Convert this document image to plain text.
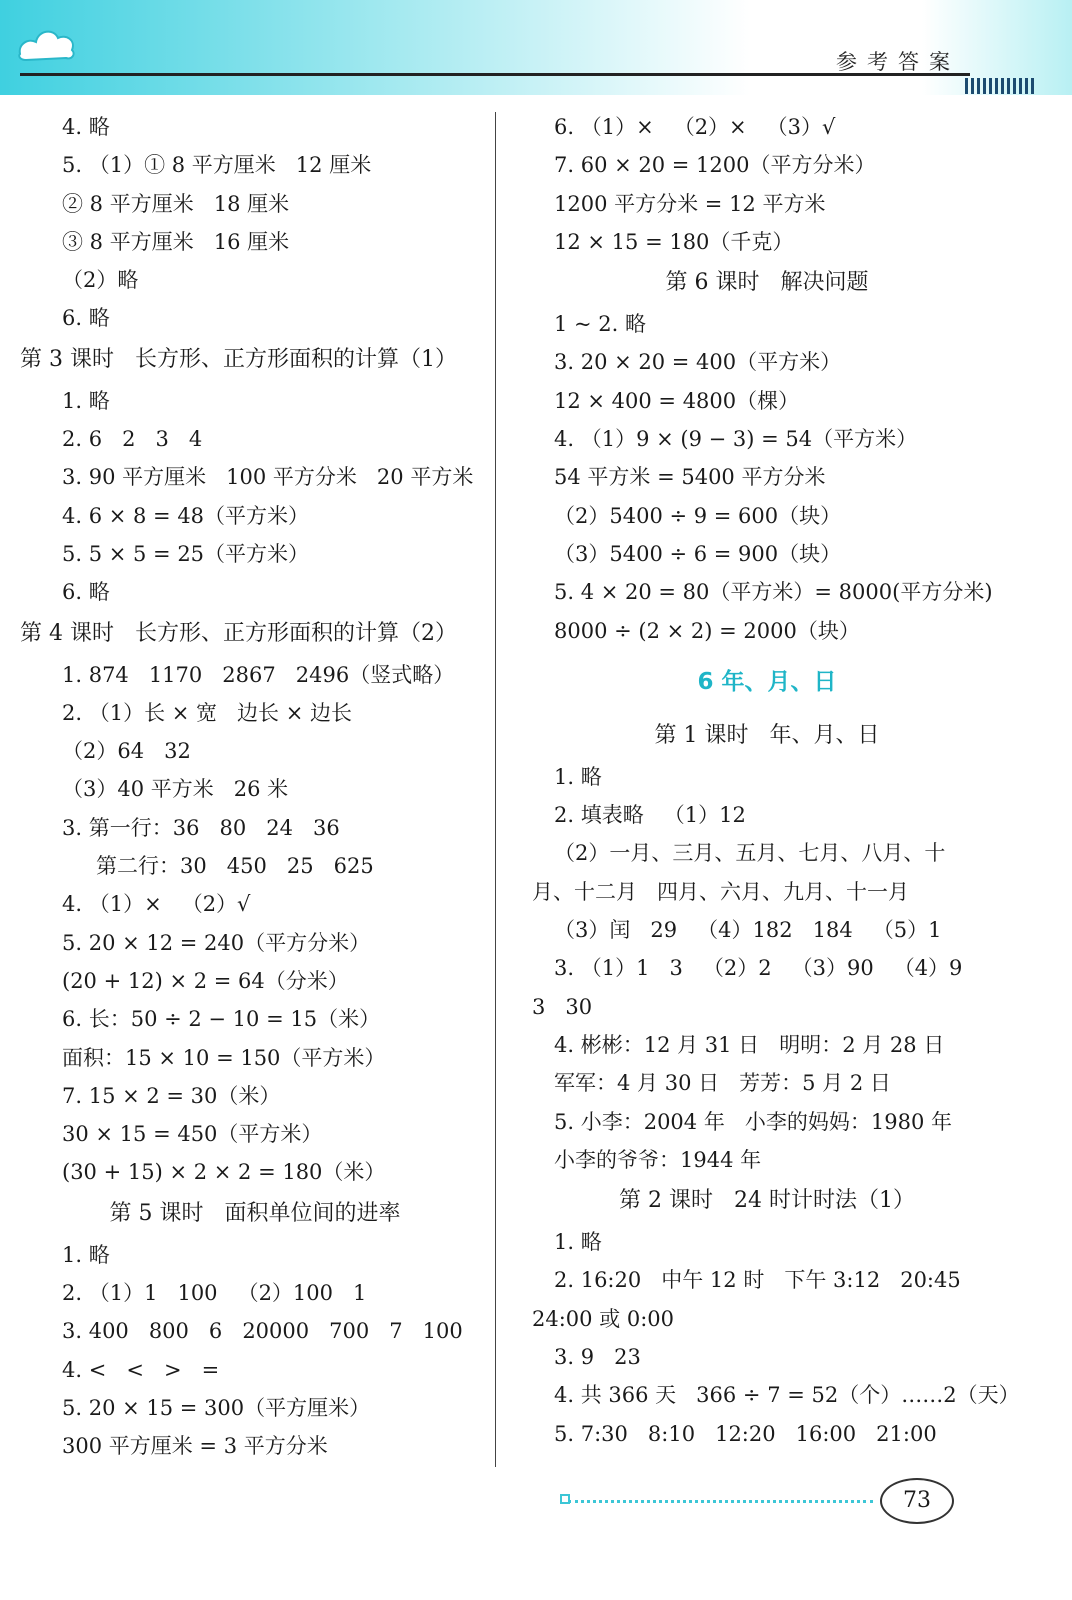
参考答案
4. 略
5. （1）① 8 平方厘米   12 厘米
② 8 平方厘米   18 厘米
③ 8 平方厘米   16 厘米
（2）略
6. 略
第 3 课时   长方形、正方形面积的计算（1）
1. 略
2. 6   2   3   4
3. 90 平方厘米   100 平方分米   20 平方米
4. 6 × 8 = 48（平方米）
5. 5 × 5 = 25（平方米）
6. 略
第 4 课时   长方形、正方形面积的计算（2）
1. 874   1170   2867   2496（竖式略）
2. （1）长 × 宽   边长 × 边长
（2）64   32
（3）40 平方米   26 米
3. 第一行：36   80   24   36
第二行：30   450   25   625
4. （1）×   （2）√
5. 20 × 12 = 240（平方分米）
(20 + 12) × 2 = 64（分米）
6. 长：50 ÷ 2 − 10 = 15（米）
面积：15 × 10 = 150（平方米）
7. 15 × 2 = 30（米）
30 × 15 = 450（平方米）
(30 + 15) × 2 × 2 = 180（米）
第 5 课时   面积单位间的进率
1. 略
2. （1）1   100   （2）100   1
3. 400   800   6   20000   700   7   100
4. <   <   >   =
5. 20 × 15 = 300（平方厘米）
300 平方厘米 = 3 平方分米
6. （1）×   （2）×   （3）√
7. 60 × 20 = 1200（平方分米）
1200 平方分米 = 12 平方米
12 × 15 = 180（千克）
第 6 课时   解决问题
1 ~ 2. 略
3. 20 × 20 = 400（平方米）
12 × 400 = 4800（棵）
4. （1）9 × (9 − 3) = 54（平方米）
54 平方米 = 5400 平方分米
（2）5400 ÷ 9 = 600（块）
（3）5400 ÷ 6 = 900（块）
5. 4 × 20 = 80（平方米）= 8000(平方分米)
8000 ÷ (2 × 2) = 2000（块）
6 年、月、日
第 1 课时   年、月、日
1. 略
2. 填表略   （1）12
（2）一月、三月、五月、七月、八月、十
月、十二月   四月、六月、九月、十一月
（3）闰   29   （4）182   184   （5）1
3. （1）1   3   （2）2   （3）90   （4）9
3   30
4. 彬彬：12 月 31 日   明明：2 月 28 日
军军：4 月 30 日   芳芳：5 月 2 日
5. 小李：2004 年   小李的妈妈：1980 年
小李的爷爷：1944 年
第 2 课时   24 时计时法（1）
1. 略
2. 16:20   中午 12 时   下午 3:12   20:45
24:00 或 0:00
3. 9   23
4. 共 366 天   366 ÷ 7 = 52（个）……2（天）
5. 7:30   8:10   12:20   16:00   21:00
73
